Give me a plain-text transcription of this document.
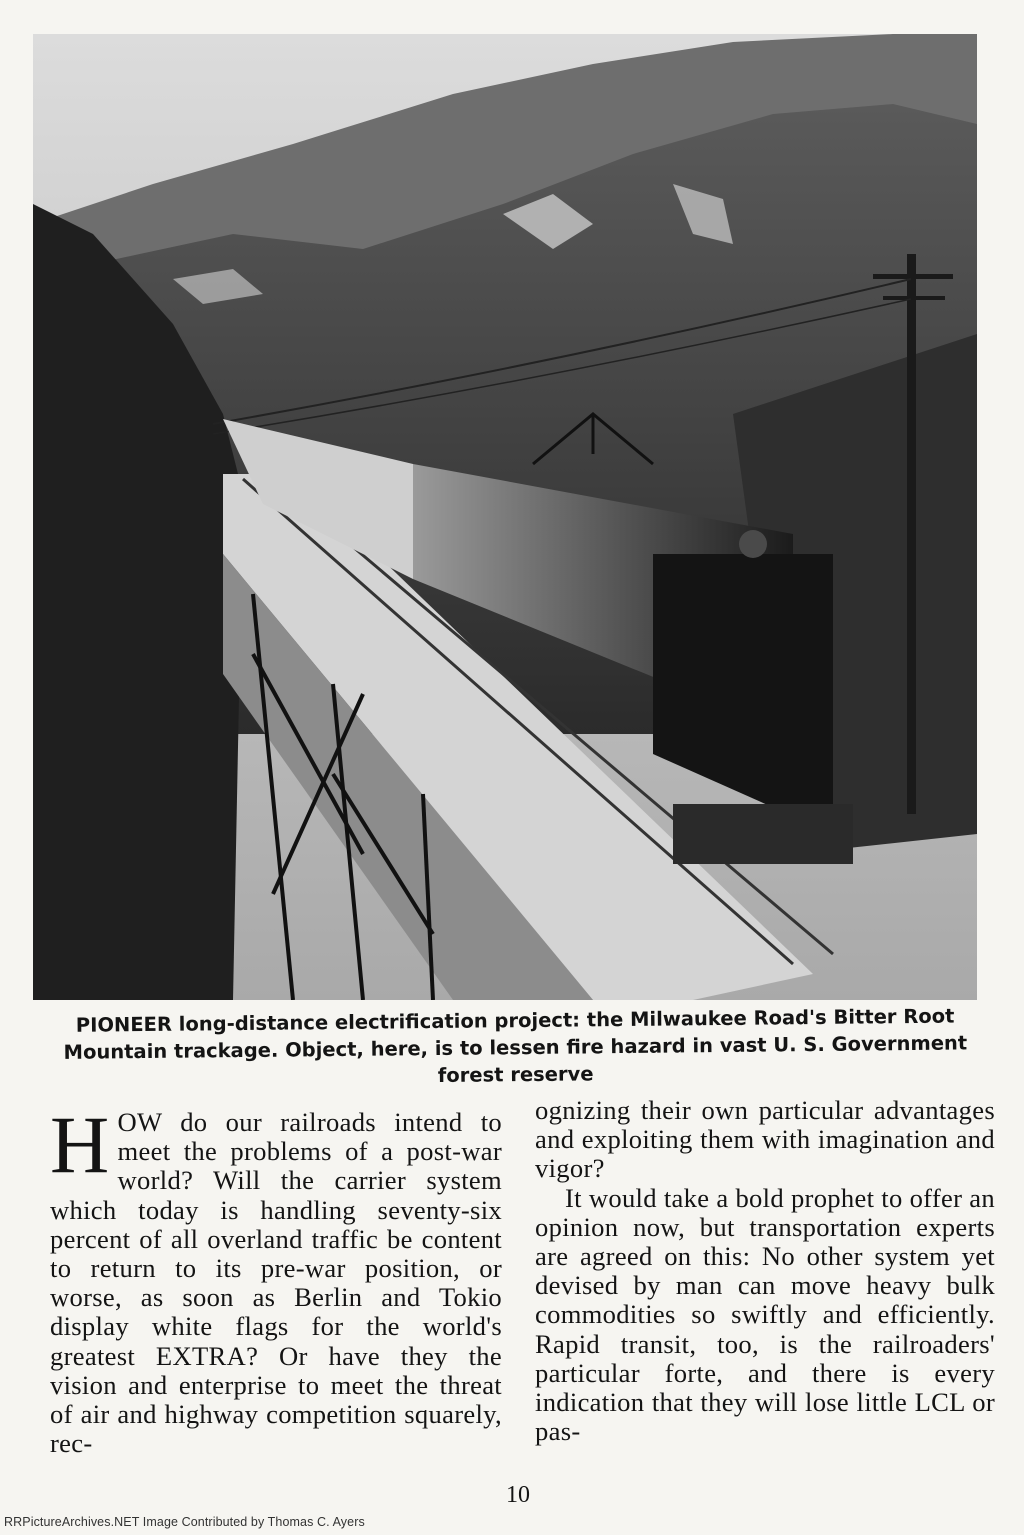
PIONEER long-distance electrification project: the Milwaukee Road's Bitter Root Mountain trackage. Object, here, is to lessen fire hazard in vast U. S. Government forest reserve

HOW do our railroads intend to meet the problems of a post-war world? Will the carrier system which today is handling seventy-six percent of all overland traffic be content to return to its pre-war position, or worse, as soon as Berlin and Tokio display white flags for the world's greatest EXTRA? Or have they the vision and enterprise to meet the threat of air and highway competition squarely, rec-

ognizing their own particular advantages and exploiting them with imagination and vigor?

It would take a bold prophet to offer an opinion now, but transportation experts are agreed on this: No other system yet devised by man can move heavy bulk commodities so swiftly and efficiently. Rapid transit, too, is the railroaders' particular forte, and there is every indication that they will lose little LCL or pas-

10
RRPictureArchives.NET Image Contributed by Thomas C. Ayers
